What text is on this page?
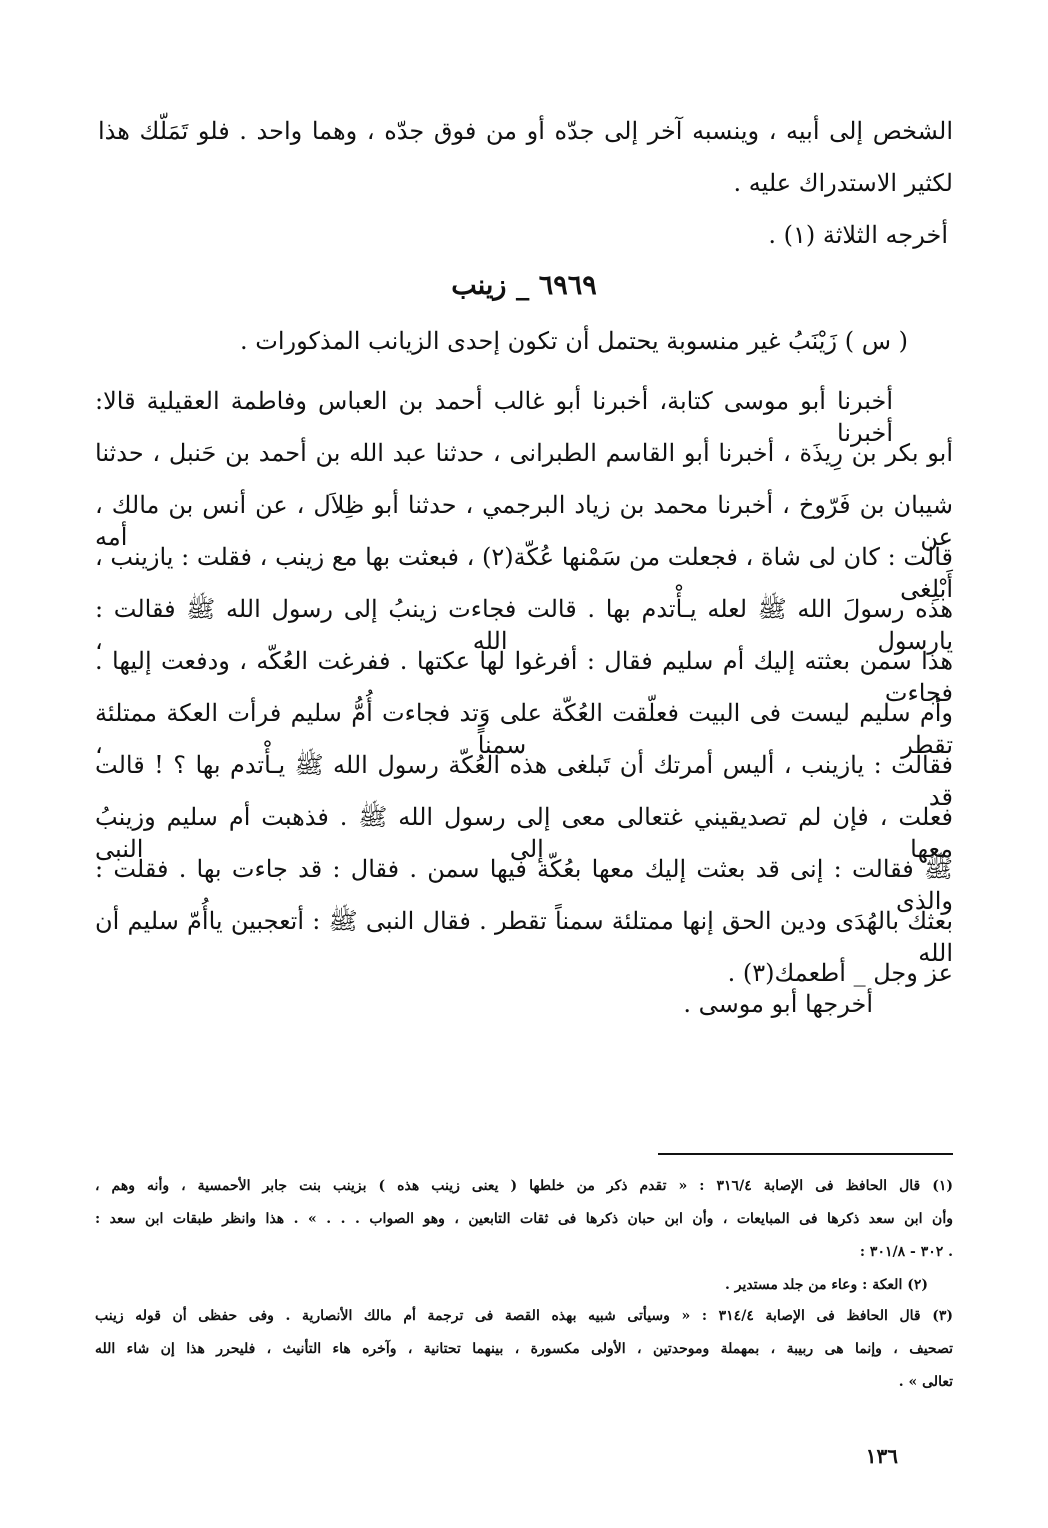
الشخص إلى أبيه ، وينسبه آخر إلى جدّه أو من فوق جدّه ، وهما واحد . فلو تَمَلّك هذا
لكثير الاستدراك عليه .
أخرجه الثلاثة (١) .
٦٩٦٩ _ زينب
( س ) زَيْنَبُ غير منسوبة يحتمل أن تكون إحدى الزيانب المذكورات .
أخبرنا أبو موسى كتابة، أخبرنا أبو غالب أحمد بن العباس وفاطمة العقيلية قالا: أخبرنا
أبو بكر بن رِيذَة ، أخبرنا أبو القاسم الطبرانى ، حدثنا عبد الله بن أحمد بن حَنبل ، حدثنا
شيبان بن فَرّوخ ، أخبرنا محمد بن زياد البرجمي ، حدثنا أبو ظِلاَل ، عن أنس بن مالك ، عن أمه
قالت : كان لى شاة ، فجعلت من سَمْنها عُكّة(٢) ، فبعثت بها مع زينب ، فقلت : يازينب ، أَبْلِغى
هذه رسولَ الله ﷺ لعله يـأْتدم بها . قالت فجاءت زينبُ إلى رسول الله ﷺ فقالت : يارسول الله ،
هذا سمن بعثته إليك أم سليم فقال : أفرغوا لها عكتها . ففرغت العُكّه ، ودفعت إليها . فجاءت
وأم سليم ليست فى البيت فعلّقت العُكّة على وَتد فجاءت أُمُّ سليم فرأت العكة ممتلئة تقطر سمناً ،
فقالت : يازينب ، أليس أمرتك أن تَبلغى هذه العُكّة رسول الله ﷺ يـأْتدم بها ؟ ! قالت قد
فعلت ، فإن لم تصديقيني غتعالى معى إلى رسول الله ﷺ . فذهبت أم سليم وزينبُ معها إلى النبى
ﷺ فقالت : إنى قد بعثت إليك معها بعُكّة فيها سمن . فقال : قد جاءت بها . فقلت : والذى
بعثك بالهُدَى ودين الحق إنها ممتلئة سمناً تقطر . فقال النبى ﷺ : أتعجبين ياأُمّ سليم أن الله
عز وجل _ أطعمك(٣) .
أخرجها أبو موسى .
(١) قال الحافظ فى الإصابة ٣١٦/٤ : « تقدم ذكر من خلطها ( يعنى زينب هذه ) بزينب بنت جابر الأحمسية ، وأنه وهم ،
وأن ابن سعد ذكرها فى المبايعات ، وأن ابن حبان ذكرها فى ثقات التابعين ، وهو الصواب . . . » . هذا وانظر طبقات ابن سعد :
. ٣٠٢ - ٣٠١/٨ :
(٢) العكة : وعاء من جلد مستدير .
(٣) قال الحافظ فى الإصابة ٣١٤/٤ : « وسيأتى شبيه بهذه القصة فى ترجمة أم مالك الأنصارية . وفى حفظى أن قوله زينب
تصحيف ، وإنما هى ربيبة ، بمهملة وموحدتين ، الأولى مكسورة ، بينهما تحتانية ، وآخره هاء التأنيث ، فليحرر هذا إن شاء الله
تعالى » .
١٣٦
